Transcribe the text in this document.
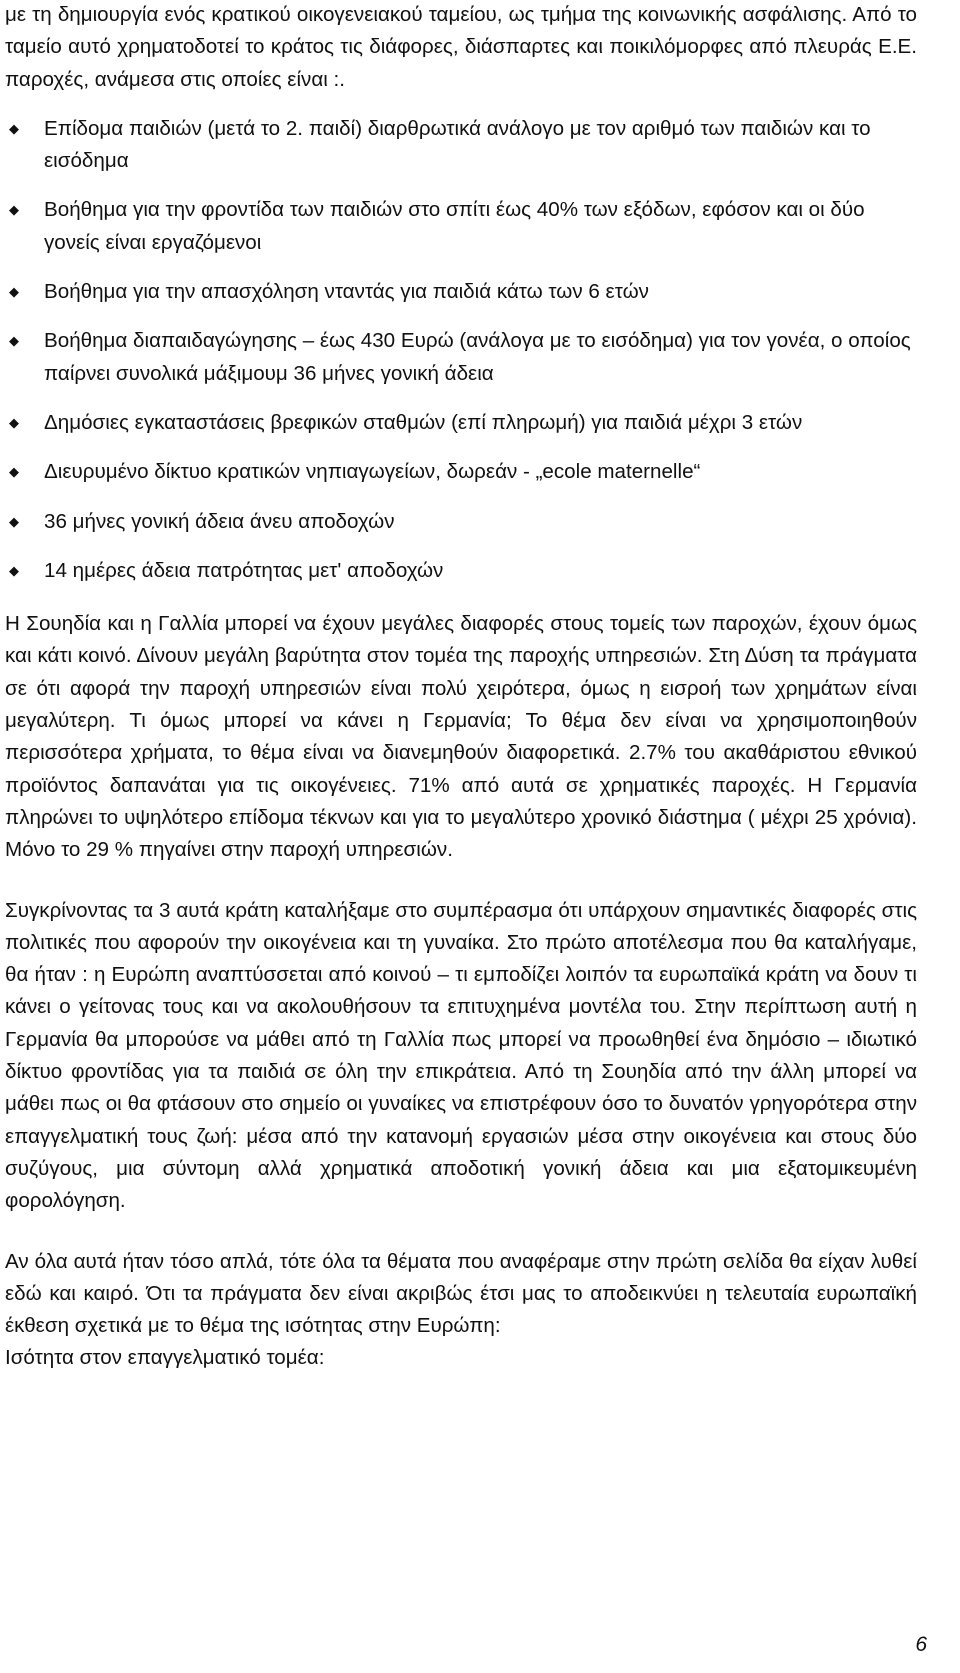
με τη δημιουργία ενός κρατικού οικογενειακού ταμείου, ως τμήμα της κοινωνικής ασφάλισης. Από το ταμείο αυτό χρηματοδοτεί το κράτος τις διάφορες, διάσπαρτες και ποικιλόμορφες από πλευράς Ε.Ε. παροχές, ανάμεσα στις οποίες είναι :.

◆ Επίδομα παιδιών (μετά το 2. παιδί) διαρθρωτικά ανάλογο με τον αριθμό των παιδιών και το εισόδημα
◆ Βοήθημα για την φροντίδα των παιδιών στο σπίτι έως 40% των εξόδων, εφόσον και οι δύο γονείς είναι εργαζόμενοι
◆ Βοήθημα για την απασχόληση νταντάς για παιδιά κάτω των 6 ετών
◆ Βοήθημα διαπαιδαγώγησης – έως 430 Ευρώ (ανάλογα με το εισόδημα) για τον γονέα, ο οποίος παίρνει συνολικά μάξιμουμ 36 μήνες γονική άδεια
◆ Δημόσιες εγκαταστάσεις βρεφικών σταθμών (επί πληρωμή) για παιδιά μέχρι 3 ετών
◆ Διευρυμένο δίκτυο κρατικών νηπιαγωγείων, δωρεάν - „ecole maternelle“
◆ 36 μήνες γονική άδεια άνευ αποδοχών
◆ 14 ημέρες άδεια πατρότητας μετ' αποδοχών

Η Σουηδία και η Γαλλία μπορεί να έχουν μεγάλες διαφορές στους τομείς των παροχών, έχουν όμως και κάτι κοινό. Δίνουν μεγάλη βαρύτητα στον τομέα της παροχής υπηρεσιών. Στη Δύση τα πράγματα σε ότι αφορά την παροχή υπηρεσιών είναι πολύ χειρότερα, όμως η εισροή των χρημάτων είναι μεγαλύτερη. Τι όμως μπορεί να κάνει η Γερμανία; Το θέμα δεν είναι να χρησιμοποιηθούν περισσότερα χρήματα, το θέμα είναι να διανεμηθούν διαφορετικά. 2.7% του ακαθάριστου εθνικού προϊόντος δαπανάται για τις οικογένειες. 71% από αυτά σε χρηματικές παροχές. Η Γερμανία πληρώνει το υψηλότερο επίδομα τέκνων και για το μεγαλύτερο χρονικό διάστημα ( μέχρι 25 χρόνια). Μόνο το 29 % πηγαίνει στην παροχή υπηρεσιών.

Συγκρίνοντας τα 3 αυτά κράτη καταλήξαμε στο συμπέρασμα ότι υπάρχουν σημαντικές διαφορές στις πολιτικές που αφορούν την οικογένεια και τη γυναίκα. Στο πρώτο αποτέλεσμα που θα καταλήγαμε, θα ήταν : η Ευρώπη αναπτύσσεται από κοινού – τι εμποδίζει λοιπόν τα ευρωπαϊκά κράτη να δουν τι κάνει ο γείτονας τους και να ακολουθήσουν τα επιτυχημένα μοντέλα του. Στην περίπτωση αυτή η Γερμανία θα μπορούσε να μάθει από τη Γαλλία πως μπορεί να προωθηθεί ένα δημόσιο – ιδιωτικό δίκτυο φροντίδας για τα παιδιά σε όλη την επικράτεια. Από τη Σουηδία από την άλλη μπορεί να μάθει πως οι θα φτάσουν στο σημείο οι γυναίκες να επιστρέφουν όσο το δυνατόν γρηγορότερα στην επαγγελματική τους ζωή: μέσα από την κατανομή εργασιών μέσα στην οικογένεια και στους δύο συζύγους, μια σύντομη αλλά χρηματικά αποδοτική γονική άδεια και μια εξατομικευμένη φορολόγηση.

Αν όλα αυτά ήταν τόσο απλά, τότε όλα τα θέματα που αναφέραμε στην πρώτη σελίδα θα είχαν λυθεί εδώ και καιρό. Ότι τα πράγματα δεν είναι ακριβώς έτσι μας το αποδεικνύει η τελευταία ευρωπαϊκή έκθεση σχετικά με το θέμα της ισότητας στην Ευρώπη:

Ισότητα στον επαγγελματικό τομέα:

6
